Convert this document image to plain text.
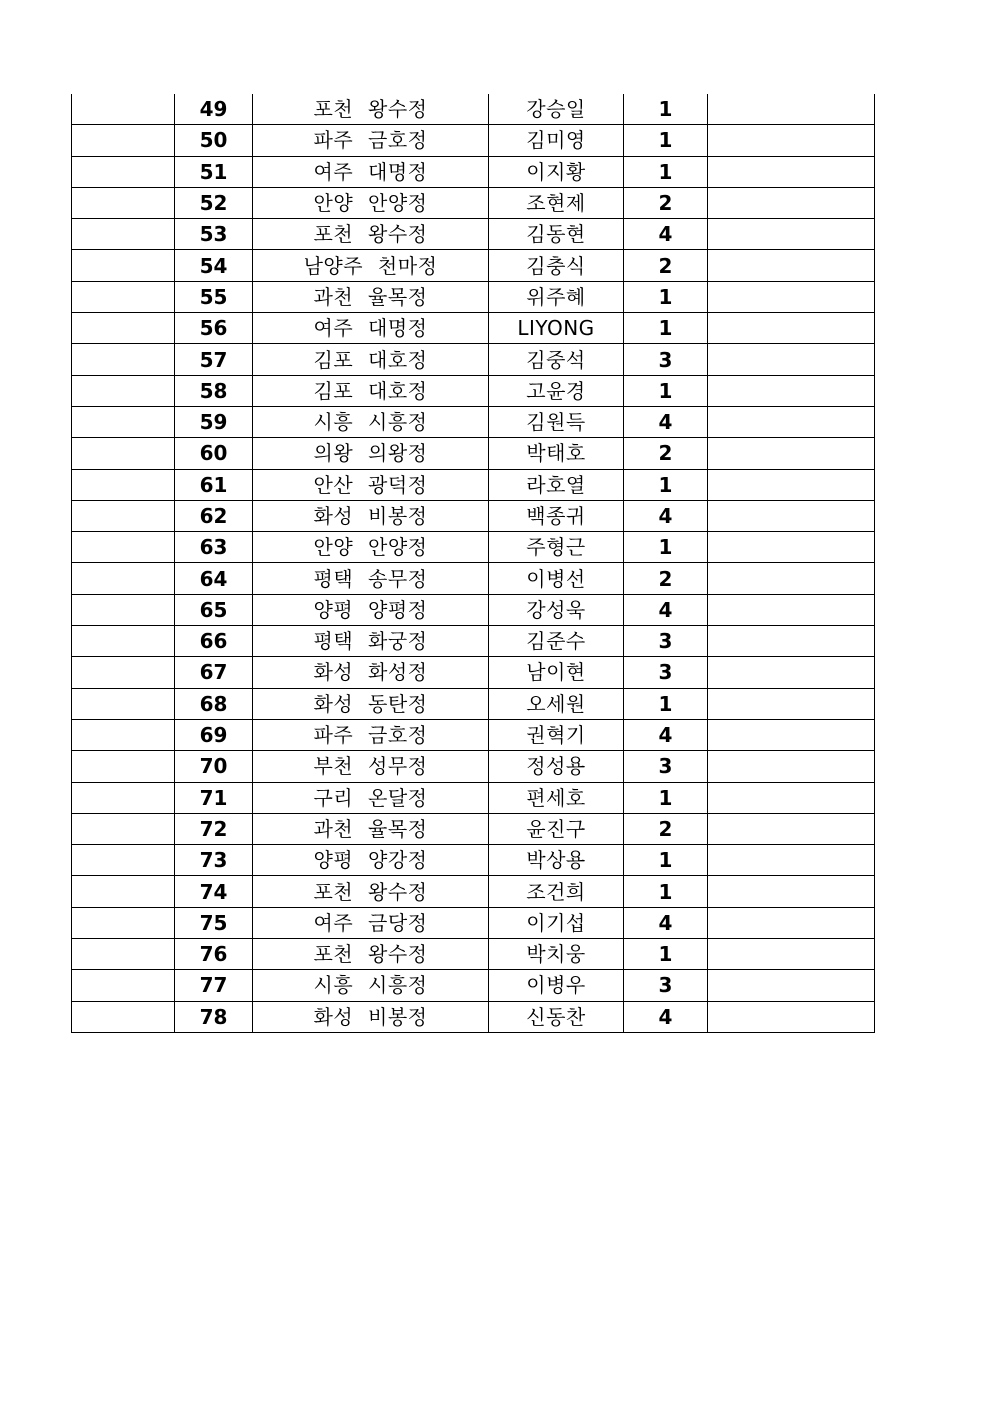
	49	포천 왕수정	강승일	1	
	50	파주 금호정	김미영	1	
	51	여주 대명정	이지황	1	
	52	안양 안양정	조현제	2	
	53	포천 왕수정	김동현	4	
	54	남양주 천마정	김충식	2	
	55	과천 율목정	위주혜	1	
	56	여주 대명정	LIYONG	1	
	57	김포 대호정	김중석	3	
	58	김포 대호정	고윤경	1	
	59	시흥 시흥정	김원득	4	
	60	의왕 의왕정	박태호	2	
	61	안산 광덕정	라호열	1	
	62	화성 비봉정	백종귀	4	
	63	안양 안양정	주형근	1	
	64	평택 송무정	이병선	2	
	65	양평 양평정	강성욱	4	
	66	평택 화궁정	김준수	3	
	67	화성 화성정	남이현	3	
	68	화성 동탄정	오세원	1	
	69	파주 금호정	권혁기	4	
	70	부천 성무정	정성용	3	
	71	구리 온달정	편세호	1	
	72	과천 율목정	윤진구	2	
	73	양평 양강정	박상용	1	
	74	포천 왕수정	조건희	1	
	75	여주 금당정	이기섭	4	
	76	포천 왕수정	박치웅	1	
	77	시흥 시흥정	이병우	3	
	78	화성 비봉정	신동찬	4	
